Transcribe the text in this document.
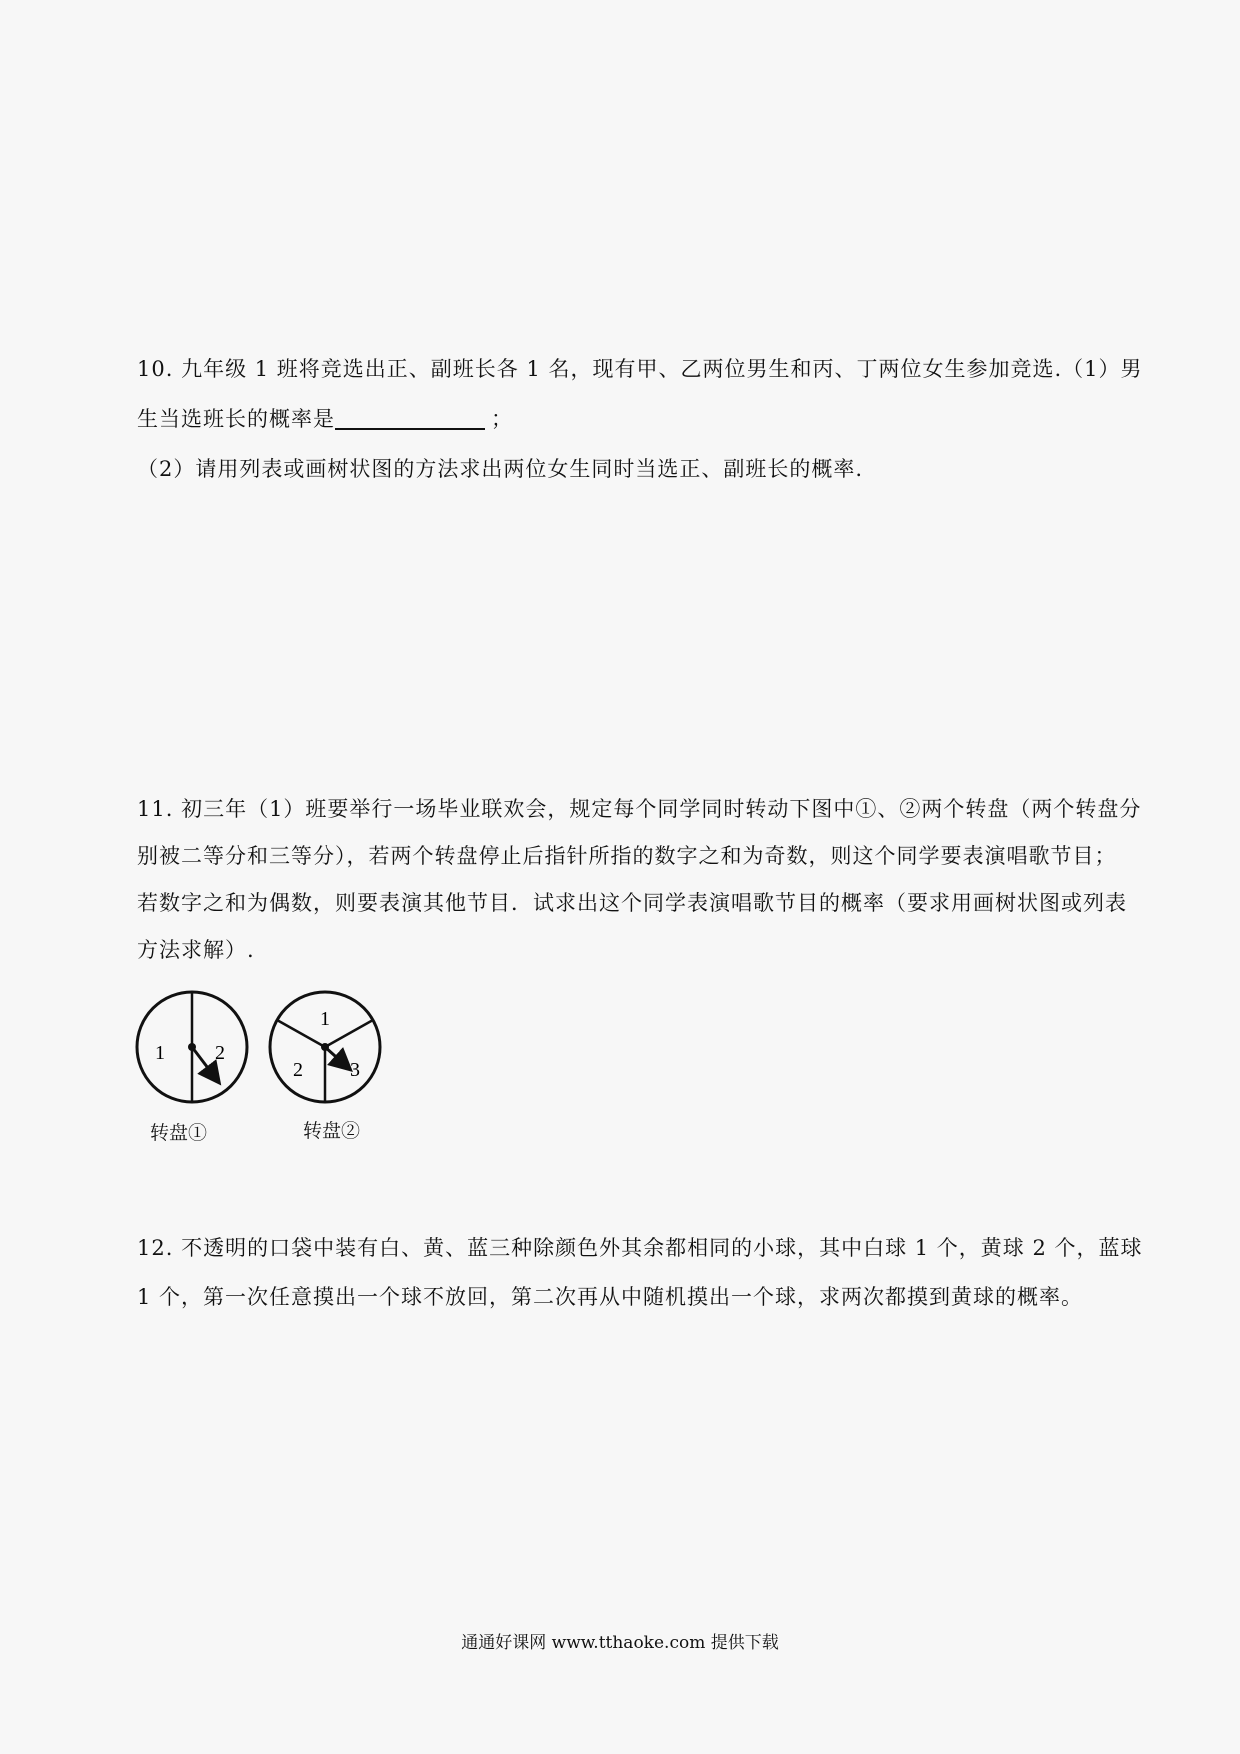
10. 九年级 1 班将竞选出正、副班长各 1 名，现有甲、乙两位男生和丙、丁两位女生参加竞选.（1）男
生当选班长的概率是	；
（2）请用列表或画树状图的方法求出两位女生同时当选正、副班长的概率.
11. 初三年（1）班要举行一场毕业联欢会，规定每个同学同时转动下图中①、②两个转盘（两个转盘分
别被二等分和三等分），若两个转盘停止后指针所指的数字之和为奇数，则这个同学要表演唱歌节目；
若数字之和为偶数，则要表演其他节目．试求出这个同学表演唱歌节目的概率（要求用画树状图或列表
方法求解）.
1	2
1
2 3
转盘①	转盘②
12. 不透明的口袋中装有白、黄、蓝三种除颜色外其余都相同的小球，其中白球 1 个，黄球 2 个，蓝球
1 个，第一次任意摸出一个球不放回，第二次再从中随机摸出一个球，求两次都摸到黄球的概率。
通通好课网 www.tthaoke.com 提供下载
